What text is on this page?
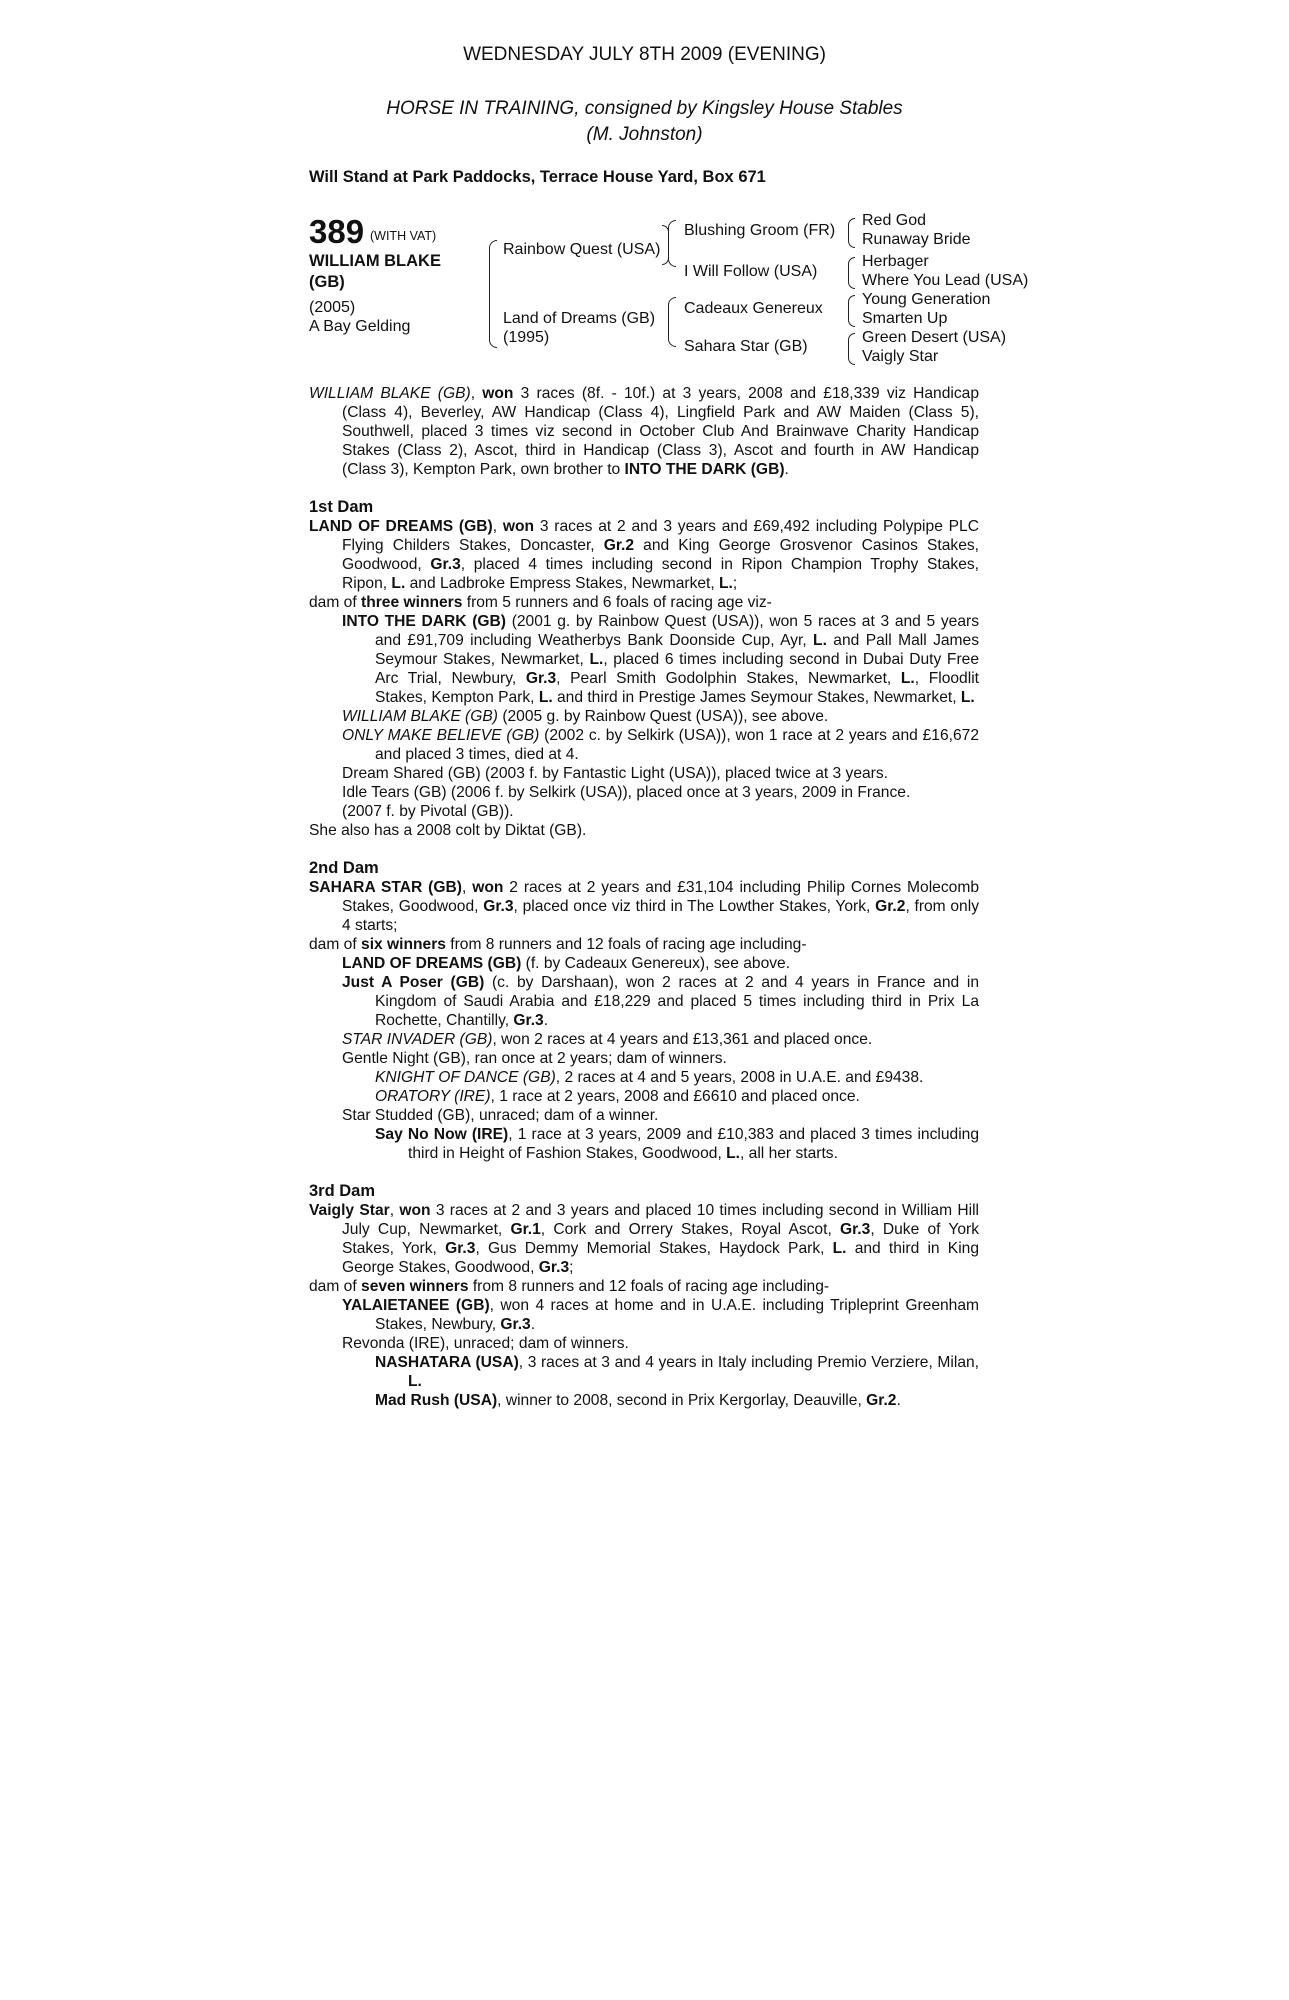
WEDNESDAY JULY 8TH 2009 (EVENING)
HORSE IN TRAINING, consigned by Kingsley House Stables
(M. Johnston)
Will Stand at Park Paddocks, Terrace House Yard, Box 671
389 (WITH VAT)
WILLIAM BLAKE
(GB)
(2005)
A Bay Gelding
Rainbow Quest (USA)
Land of Dreams (GB)
(1995)
Blushing Groom (FR)
I Will Follow (USA)
Cadeaux Genereux
Sahara Star (GB)
Red God
Runaway Bride
Herbager
Where You Lead (USA)
Young Generation
Smarten Up
Green Desert (USA)
Vaigly Star

WILLIAM BLAKE (GB), won 3 races (8f. - 10f.) at 3 years, 2008 and £18,339 viz Handicap (Class 4), Beverley, AW Handicap (Class 4), Lingfield Park and AW Maiden (Class 5), Southwell, placed 3 times viz second in October Club And Brainwave Charity Handicap Stakes (Class 2), Ascot, third in Handicap (Class 3), Ascot and fourth in AW Handicap (Class 3), Kempton Park, own brother to INTO THE DARK (GB).

1st Dam

LAND OF DREAMS (GB), won 3 races at 2 and 3 years and £69,492 including Polypipe PLC Flying Childers Stakes, Doncaster, Gr.2 and King George Grosvenor Casinos Stakes, Goodwood, Gr.3, placed 4 times including second in Ripon Champion Trophy Stakes, Ripon, L. and Ladbroke Empress Stakes, Newmarket, L.;

dam of three winners from 5 runners and 6 foals of racing age viz-

INTO THE DARK (GB) (2001 g. by Rainbow Quest (USA)), won 5 races at 3 and 5 years and £91,709 including Weatherbys Bank Doonside Cup, Ayr, L. and Pall Mall James Seymour Stakes, Newmarket, L., placed 6 times including second in Dubai Duty Free Arc Trial, Newbury, Gr.3, Pearl Smith Godolphin Stakes, Newmarket, L., Floodlit Stakes, Kempton Park, L. and third in Prestige James Seymour Stakes, Newmarket, L.

WILLIAM BLAKE (GB) (2005 g. by Rainbow Quest (USA)), see above.

ONLY MAKE BELIEVE (GB) (2002 c. by Selkirk (USA)), won 1 race at 2 years and £16,672 and placed 3 times, died at 4.

Dream Shared (GB) (2003 f. by Fantastic Light (USA)), placed twice at 3 years.

Idle Tears (GB) (2006 f. by Selkirk (USA)), placed once at 3 years, 2009 in France.

(2007 f. by Pivotal (GB)).

She also has a 2008 colt by Diktat (GB).

2nd Dam

SAHARA STAR (GB), won 2 races at 2 years and £31,104 including Philip Cornes Molecomb Stakes, Goodwood, Gr.3, placed once viz third in The Lowther Stakes, York, Gr.2, from only 4 starts;

dam of six winners from 8 runners and 12 foals of racing age including-

LAND OF DREAMS (GB) (f. by Cadeaux Genereux), see above.

Just A Poser (GB) (c. by Darshaan), won 2 races at 2 and 4 years in France and in Kingdom of Saudi Arabia and £18,229 and placed 5 times including third in Prix La Rochette, Chantilly, Gr.3.

STAR INVADER (GB), won 2 races at 4 years and £13,361 and placed once.

Gentle Night (GB), ran once at 2 years; dam of winners.

KNIGHT OF DANCE (GB), 2 races at 4 and 5 years, 2008 in U.A.E. and £9438.

ORATORY (IRE), 1 race at 2 years, 2008 and £6610 and placed once.

Star Studded (GB), unraced; dam of a winner.

Say No Now (IRE), 1 race at 3 years, 2009 and £10,383 and placed 3 times including third in Height of Fashion Stakes, Goodwood, L., all her starts.

3rd Dam

Vaigly Star, won 3 races at 2 and 3 years and placed 10 times including second in William Hill July Cup, Newmarket, Gr.1, Cork and Orrery Stakes, Royal Ascot, Gr.3, Duke of York Stakes, York, Gr.3, Gus Demmy Memorial Stakes, Haydock Park, L. and third in King George Stakes, Goodwood, Gr.3;

dam of seven winners from 8 runners and 12 foals of racing age including-

YALAIETANEE (GB), won 4 races at home and in U.A.E. including Tripleprint Greenham Stakes, Newbury, Gr.3.

Revonda (IRE), unraced; dam of winners.

NASHATARA (USA), 3 races at 3 and 4 years in Italy including Premio Verziere, Milan, L.

Mad Rush (USA), winner to 2008, second in Prix Kergorlay, Deauville, Gr.2.
